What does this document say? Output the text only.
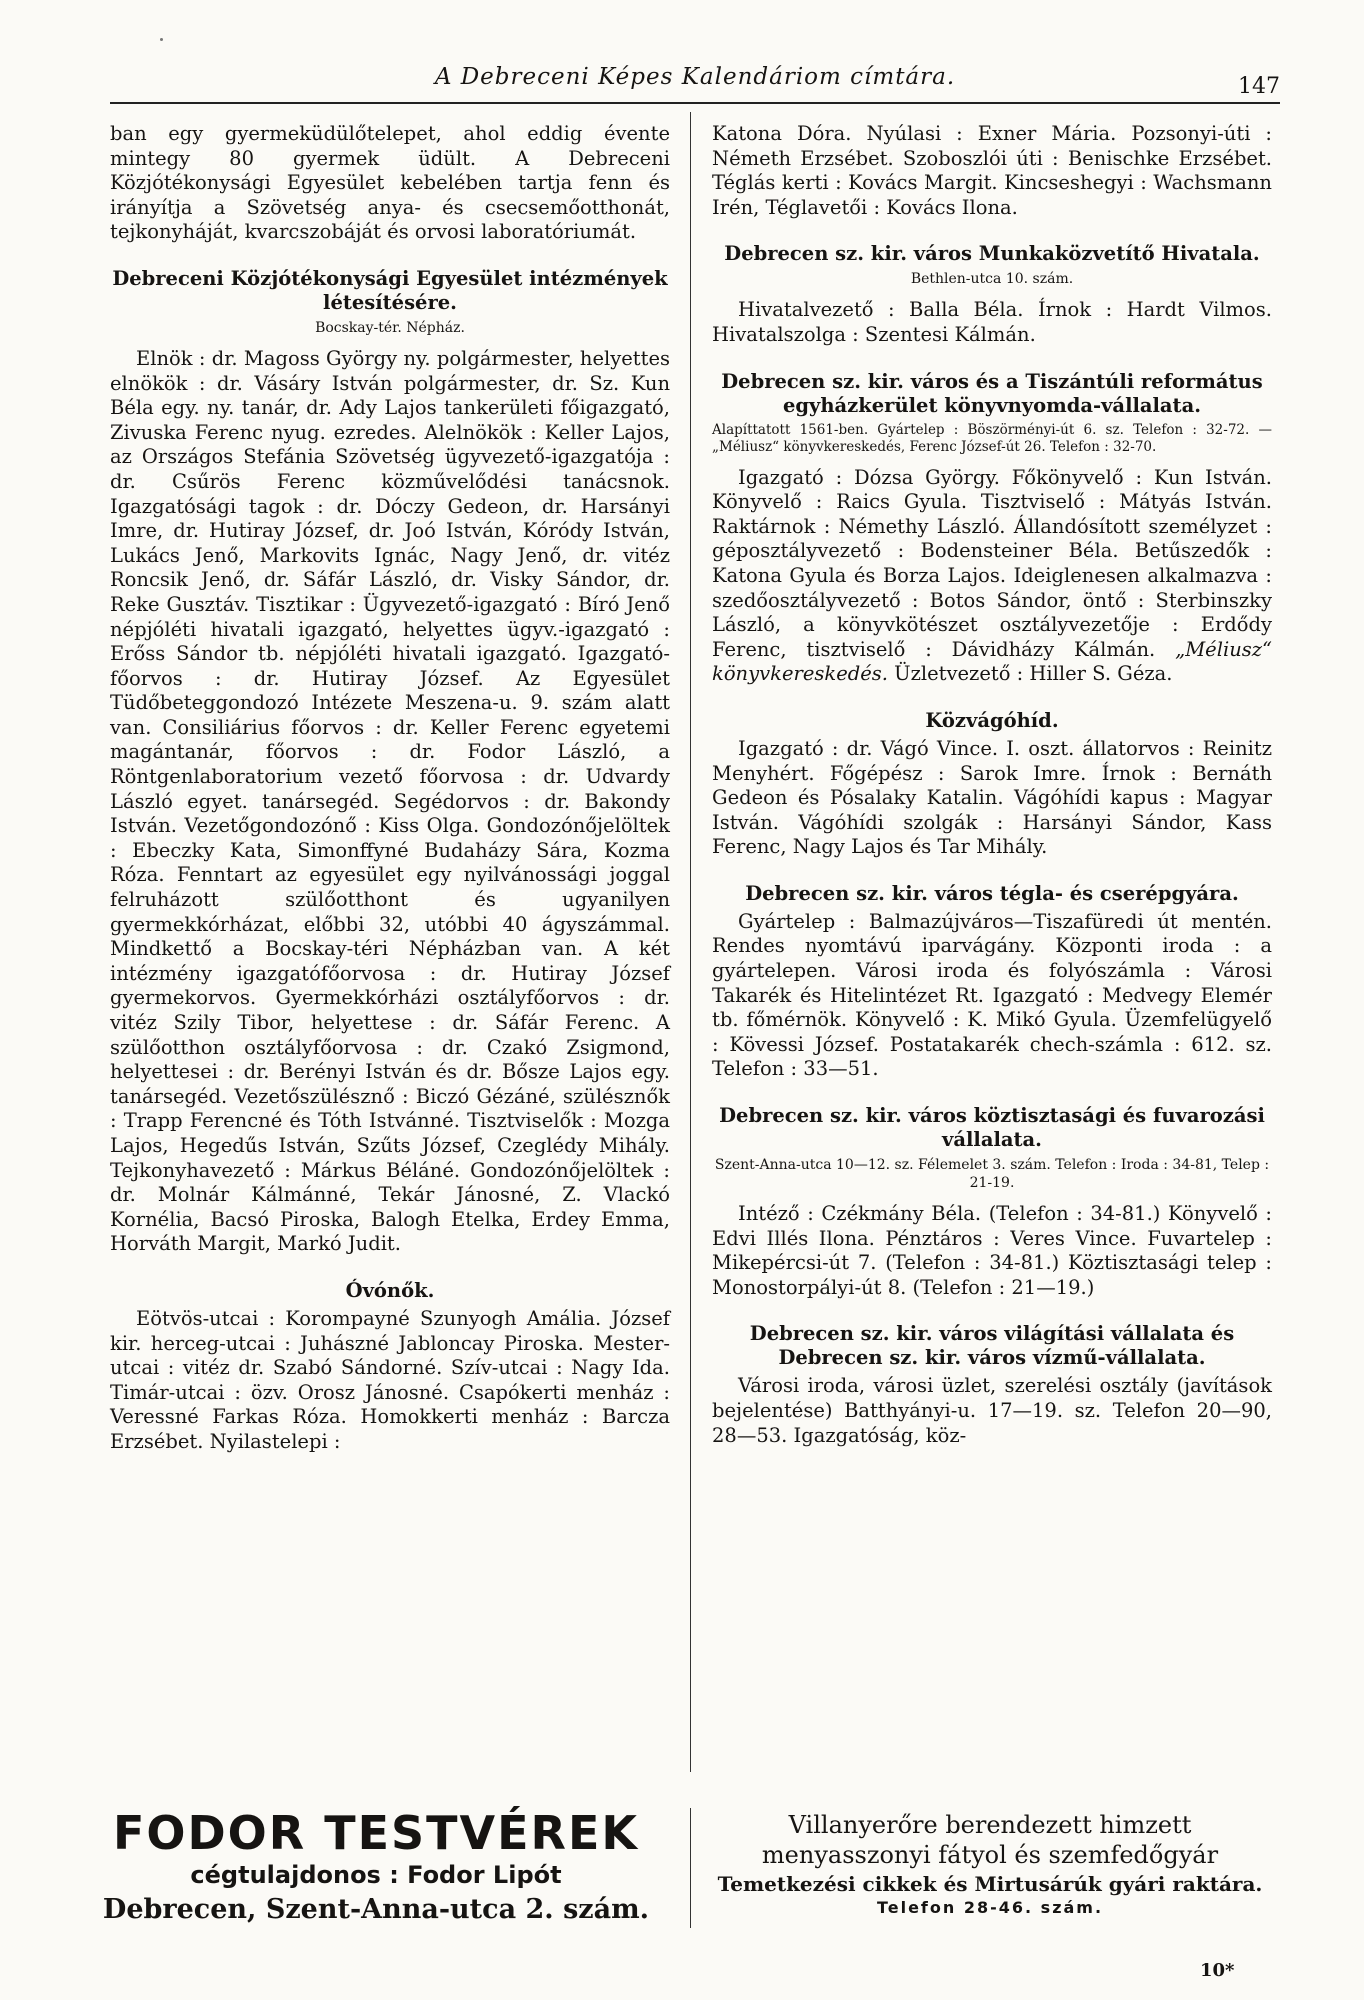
A Debreceni Képes Kalendáriom címtára.	147

ban egy gyermeküdülőtelepet, ahol eddig évente mintegy 80 gyermek üdült. A Debreceni Közjótékonysági Egyesület kebelében tartja fenn és irányítja a Szövetség anya- és csecsemőotthonát, tejkonyháját, kvarcszobáját és orvosi laboratóriumát.

Debreceni Közjótékonysági Egyesület intézmények létesítésére.
Bocskay-tér. Népház.

Elnök : dr. Magoss György ny. polgármester, helyettes elnökök : dr. Vásáry István polgármester, dr. Sz. Kun Béla egy. ny. tanár, dr. Ady Lajos tankerületi főigazgató, Zivuska Ferenc nyug. ezredes. Alelnökök : Keller Lajos, az Országos Stefánia Szövetség ügyvezető-igazgatója : dr. Csűrös Ferenc közművelődési tanácsnok. Igazgatósági tagok : dr. Dóczy Gedeon, dr. Harsányi Imre, dr. Hutiray József, dr. Joó István, Kóródy István, Lukács Jenő, Markovits Ignác, Nagy Jenő, dr. vitéz Roncsik Jenő, dr. Sáfár László, dr. Visky Sándor, dr. Reke Gusztáv. Tisztikar : Ügyvezető-igazgató : Bíró Jenő népjóléti hivatali igazgató, helyettes ügyv.-igazgató : Erőss Sándor tb. népjóléti hivatali igazgató. Igazgató-főorvos : dr. Hutiray József. Az Egyesület Tüdőbeteggondozó Intézete Meszena-u. 9. szám alatt van. Consiliárius főorvos : dr. Keller Ferenc egyetemi magántanár, főorvos : dr. Fodor László, a Röntgenlaboratorium vezető főorvosa : dr. Udvardy László egyet. tanársegéd. Segédorvos : dr. Bakondy István. Vezetőgondozónő : Kiss Olga. Gondozónőjelöltek : Ebeczky Kata, Simonffyné Budaházy Sára, Kozma Róza. Fenntart az egyesület egy nyilvánossági joggal felruházott szülőotthont és ugyanilyen gyermekkórházat, előbbi 32, utóbbi 40 ágyszámmal. Mindkettő a Bocskay-téri Népházban van. A két intézmény igazgatófőorvosa : dr. Hutiray József gyermekorvos. Gyermekkórházi osztályfőorvos : dr. vitéz Szily Tibor, helyettese : dr. Sáfár Ferenc. A szülőotthon osztályfőorvosa : dr. Czakó Zsigmond, helyettesei : dr. Berényi István és dr. Bősze Lajos egy. tanársegéd. Vezetőszülésznő : Biczó Gézáné, szülésznők : Trapp Ferencné és Tóth Istvánné. Tisztviselők : Mozga Lajos, Hegedűs István, Szűts József, Czeglédy Mihály. Tejkonyhavezető : Márkus Béláné. Gondozónőjelöltek : dr. Molnár Kálmánné, Tekár Jánosné, Z. Vlackó Kornélia, Bacsó Piroska, Balogh Etelka, Erdey Emma, Horváth Margit, Markó Judit.

Óvónők.

Eötvös-utcai : Korompayné Szunyogh Amália. József kir. herceg-utcai : Juhászné Jabloncay Piroska. Mester-utcai : vitéz dr. Szabó Sándorné. Szív-utcai : Nagy Ida. Timár-utcai : özv. Orosz Jánosné. Csapókerti menház : Veressné Farkas Róza. Homokkerti menház : Barcza Erzsébet. Nyilastelepi :

Katona Dóra. Nyúlasi : Exner Mária. Pozsonyi-úti : Németh Erzsébet. Szoboszlói úti : Benischke Erzsébet. Téglás kerti : Kovács Margit. Kincseshegyi : Wachsmann Irén, Téglavetői : Kovács Ilona.

Debrecen sz. kir. város Munkaközvetítő Hivatala.
Bethlen-utca 10. szám.

Hivatalvezető : Balla Béla. Írnok : Hardt Vilmos. Hivatalszolga : Szentesi Kálmán.

Debrecen sz. kir. város és a Tiszántúli református egyházkerület könyvnyomda-vállalata.
Alapíttatott 1561-ben. Gyártelep : Böszörményi-út 6. sz. Telefon : 32-72. — „Méliusz“ könyvkereskedés, Ferenc József-út 26. Telefon : 32-70.

Igazgató : Dózsa György. Főkönyvelő : Kun István. Könyvelő : Raics Gyula. Tisztviselő : Mátyás István. Raktárnok : Némethy László. Állandósított személyzet : géposztályvezető : Bodensteiner Béla. Betűszedők : Katona Gyula és Borza Lajos. Ideiglenesen alkalmazva : szedőosztályvezető : Botos Sándor, öntő : Sterbinszky László, a könyvkötészet osztályvezetője : Erdődy Ferenc, tisztviselő : Dávidházy Kálmán. „Méliusz“ könyvkereskedés. Üzletvezető : Hiller S. Géza.

Közvágóhíd.

Igazgató : dr. Vágó Vince. I. oszt. állatorvos : Reinitz Menyhért. Főgépész : Sarok Imre. Írnok : Bernáth Gedeon és Pósalaky Katalin. Vágóhídi kapus : Magyar István. Vágóhídi szolgák : Harsányi Sándor, Kass Ferenc, Nagy Lajos és Tar Mihály.

Debrecen sz. kir. város tégla- és cserépgyára.

Gyártelep : Balmazújváros—Tiszafüredi út mentén. Rendes nyomtávú iparvágány. Központi iroda : a gyártelepen. Városi iroda és folyószámla : Városi Takarék és Hitelintézet Rt. Igazgató : Medvegy Elemér tb. főmérnök. Könyvelő : K. Mikó Gyula. Üzemfelügyelő : Kövessi József. Postatakarék chech-számla : 612. sz. Telefon : 33—51.

Debrecen sz. kir. város köztisztasági és fuvarozási vállalata.
Szent-Anna-utca 10—12. sz. Félemelet 3. szám. Telefon : Iroda : 34-81, Telep : 21-19.

Intéző : Czékmány Béla. (Telefon : 34-81.) Könyvelő : Edvi Illés Ilona. Pénztáros : Veres Vince. Fuvartelep : Mikepércsi-út 7. (Telefon : 34-81.) Köztisztasági telep : Monostorpályi-út 8. (Telefon : 21—19.)

Debrecen sz. kir. város világítási vállalata és Debrecen sz. kir. város vízmű-vállalata.

Városi iroda, városi üzlet, szerelési osztály (javítások bejelentése) Batthyányi-u. 17—19. sz. Telefon 20—90, 28—53. Igazgatóság, köz-

FODOR TESTVÉREK
cégtulajdonos : Fodor Lipót
Debrecen, Szent-Anna-utca 2. szám.
Villanyerőre berendezett himzett
menyasszonyi fátyol és szemfedőgyár
Temetkezési cikkek és Mirtusárúk gyári raktára.
Telefon 28-46. szám.
10*
